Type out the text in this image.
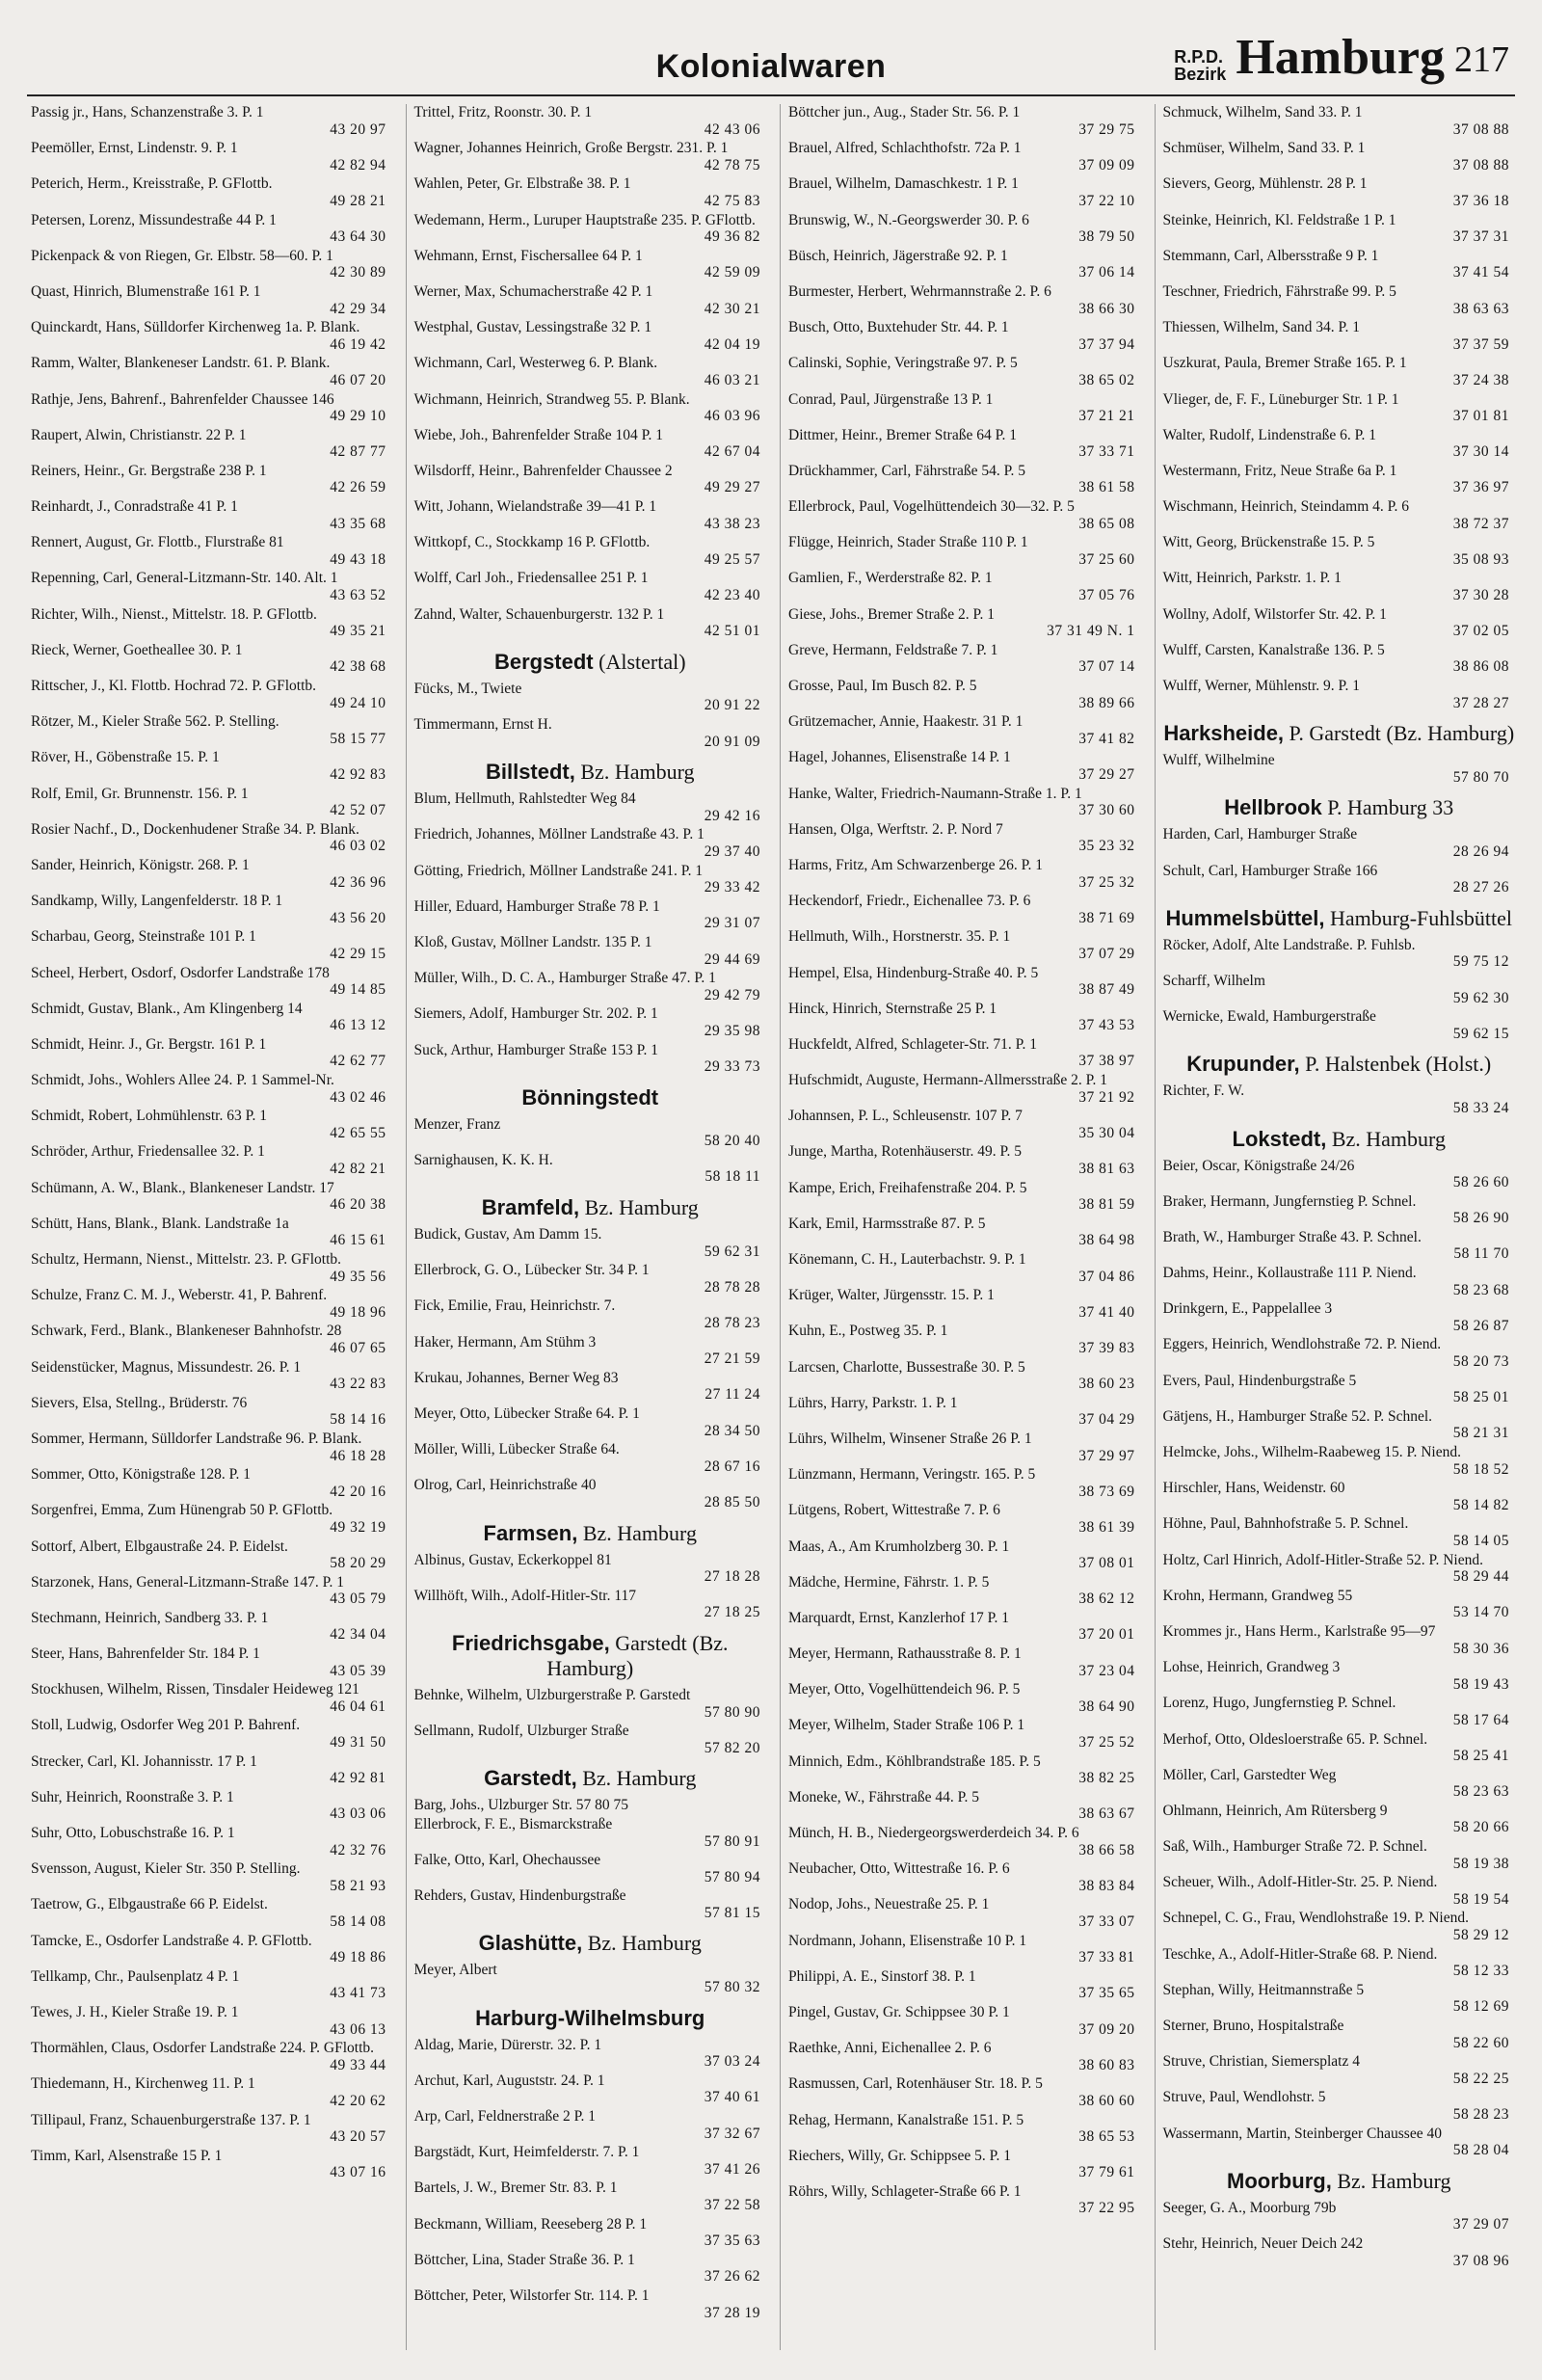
Kolonialwaren	R.P.D.
Bezirk Hamburg 217
Passig jr., Hans, Schanzenstraße 3. P. 1
43 20 97
Peemöller, Ernst, Lindenstr. 9. P. 1
42 82 94
Peterich, Herm., Kreisstraße, P. GFlottb.
49 28 21
Petersen, Lorenz, Missundestraße 44 P. 1
43 64 30
Pickenpack & von Riegen, Gr. Elbstr. 58—60. P. 1
42 30 89
Quast, Hinrich, Blumenstraße 161 P. 1
42 29 34
Quinckardt, Hans, Sülldorfer Kirchenweg 1a. P. Blank.
46 19 42
Ramm, Walter, Blankeneser Landstr. 61. P. Blank.
46 07 20
Rathje, Jens, Bahrenf., Bahrenfelder Chaussee 146
49 29 10
Raupert, Alwin, Christianstr. 22 P. 1
42 87 77
Reiners, Heinr., Gr. Bergstraße 238 P. 1
42 26 59
Reinhardt, J., Conradstraße 41 P. 1
43 35 68
Rennert, August, Gr. Flottb., Flurstraße 81
49 43 18
Repenning, Carl, General-Litzmann-Str. 140. Alt. 1
43 63 52
Richter, Wilh., Nienst., Mittelstr. 18. P. GFlottb.
49 35 21
Rieck, Werner, Goetheallee 30. P. 1
42 38 68
Rittscher, J., Kl. Flottb. Hochrad 72. P. GFlottb.
49 24 10
Rötzer, M., Kieler Straße 562. P. Stelling.
58 15 77
Röver, H., Göbenstraße 15. P. 1
42 92 83
Rolf, Emil, Gr. Brunnenstr. 156. P. 1
42 52 07
Rosier Nachf., D., Dockenhudener Straße 34. P. Blank.
46 03 02
Sander, Heinrich, Königstr. 268. P. 1
42 36 96
Sandkamp, Willy, Langenfelderstr. 18 P. 1
43 56 20
Scharbau, Georg, Steinstraße 101 P. 1
42 29 15
Scheel, Herbert, Osdorf, Osdorfer Landstraße 178
49 14 85
Schmidt, Gustav, Blank., Am Klingenberg 14
46 13 12
Schmidt, Heinr. J., Gr. Bergstr. 161 P. 1
42 62 77
Schmidt, Johs., Wohlers Allee 24. P. 1 Sammel-Nr.
43 02 46
Schmidt, Robert, Lohmühlenstr. 63 P. 1
42 65 55
Schröder, Arthur, Friedensallee 32. P. 1
42 82 21
Schümann, A. W., Blank., Blankeneser Landstr. 17
46 20 38
Schütt, Hans, Blank., Blank. Landstraße 1a
46 15 61
Schultz, Hermann, Nienst., Mittelstr. 23. P. GFlottb.
49 35 56
Schulze, Franz C. M. J., Weberstr. 41, P. Bahrenf.
49 18 96
Schwark, Ferd., Blank., Blankeneser Bahnhofstr. 28
46 07 65
Seidenstücker, Magnus, Missundestr. 26. P. 1
43 22 83
Sievers, Elsa, Stellng., Brüderstr. 76
58 14 16
Sommer, Hermann, Sülldorfer Landstraße 96. P. Blank.
46 18 28
Sommer, Otto, Königstraße 128. P. 1
42 20 16
Sorgenfrei, Emma, Zum Hünengrab 50 P. GFlottb.
49 32 19
Sottorf, Albert, Elbgaustraße 24. P. Eidelst.
58 20 29
Starzonek, Hans, General-Litzmann-Straße 147. P. 1
43 05 79
Stechmann, Heinrich, Sandberg 33. P. 1
42 34 04
Steer, Hans, Bahrenfelder Str. 184 P. 1
43 05 39
Stockhusen, Wilhelm, Rissen, Tinsdaler Heideweg 121
46 04 61
Stoll, Ludwig, Osdorfer Weg 201 P. Bahrenf.
49 31 50
Strecker, Carl, Kl. Johannisstr. 17 P. 1
42 92 81
Suhr, Heinrich, Roonstraße 3. P. 1
43 03 06
Suhr, Otto, Lobuschstraße 16. P. 1
42 32 76
Svensson, August, Kieler Str. 350 P. Stelling.
58 21 93
Taetrow, G., Elbgaustraße 66 P. Eidelst.
58 14 08
Tamcke, E., Osdorfer Landstraße 4. P. GFlottb.
49 18 86
Tellkamp, Chr., Paulsenplatz 4 P. 1
43 41 73
Tewes, J. H., Kieler Straße 19. P. 1
43 06 13
Thormählen, Claus, Osdorfer Landstraße 224. P. GFlottb.
49 33 44
Thiedemann, H., Kirchenweg 11. P. 1
42 20 62
Tillipaul, Franz, Schauenburgerstraße 137. P. 1
43 20 57
Timm, Karl, Alsenstraße 15 P. 1
43 07 16
Trittel, Fritz, Roonstr. 30. P. 1
42 43 06
Wagner, Johannes Heinrich, Große Bergstr. 231. P. 1
42 78 75
Wahlen, Peter, Gr. Elbstraße 38. P. 1
42 75 83
Wedemann, Herm., Luruper Hauptstraße 235. P. GFlottb.
49 36 82
Wehmann, Ernst, Fischersallee 64 P. 1
42 59 09
Werner, Max, Schumacherstraße 42 P. 1
42 30 21
Westphal, Gustav, Lessingstraße 32 P. 1
42 04 19
Wichmann, Carl, Westerweg 6. P. Blank.
46 03 21
Wichmann, Heinrich, Strandweg 55. P. Blank.
46 03 96
Wiebe, Joh., Bahrenfelder Straße 104 P. 1
42 67 04
Wilsdorff, Heinr., Bahrenfelder Chaussee 2
49 29 27
Witt, Johann, Wielandstraße 39—41 P. 1
43 38 23
Wittkopf, C., Stockkamp 16 P. GFlottb.
49 25 57
Wolff, Carl Joh., Friedensallee 251 P. 1
42 23 40
Zahnd, Walter, Schauenburgerstr. 132 P. 1
42 51 01
Bergstedt (Alstertal)
Fücks, M., Twiete
20 91 22
Timmermann, Ernst H.
20 91 09
Billstedt, Bz. Hamburg
Blum, Hellmuth, Rahlstedter Weg 84
29 42 16
Friedrich, Johannes, Möllner Landstraße 43. P. 1
29 37 40
Götting, Friedrich, Möllner Landstraße 241. P. 1
29 33 42
Hiller, Eduard, Hamburger Straße 78 P. 1
29 31 07
Kloß, Gustav, Möllner Landstr. 135 P. 1
29 44 69
Müller, Wilh., D. C. A., Hamburger Straße 47. P. 1
29 42 79
Siemers, Adolf, Hamburger Str. 202. P. 1
29 35 98
Suck, Arthur, Hamburger Straße 153 P. 1
29 33 73
Bönningstedt
Menzer, Franz
58 20 40
Sarnighausen, K. K. H.
58 18 11
Bramfeld, Bz. Hamburg
Budick, Gustav, Am Damm 15.
59 62 31
Ellerbrock, G. O., Lübecker Str. 34 P. 1
28 78 28
Fick, Emilie, Frau, Heinrichstr. 7.
28 78 23
Haker, Hermann, Am Stühm 3
27 21 59
Krukau, Johannes, Berner Weg 83
27 11 24
Meyer, Otto, Lübecker Straße 64. P. 1
28 34 50
Möller, Willi, Lübecker Straße 64.
28 67 16
Olrog, Carl, Heinrichstraße 40
28 85 50
Farmsen, Bz. Hamburg
Albinus, Gustav, Eckerkoppel 81
27 18 28
Willhöft, Wilh., Adolf-Hitler-Str. 117
27 18 25
Friedrichsgabe, Garstedt (Bz. Hamburg)
Behnke, Wilhelm, Ulzburgerstraße P. Garstedt
57 80 90
Sellmann, Rudolf, Ulzburger Straße
57 82 20
Garstedt, Bz. Hamburg
Barg, Johs., Ulzburger Str. 57 80 75
Ellerbrock, F. E., Bismarckstraße
57 80 91
Falke, Otto, Karl, Ohechaussee
57 80 94
Rehders, Gustav, Hindenburgstraße
57 81 15
Glashütte, Bz. Hamburg
Meyer, Albert
57 80 32
Harburg-Wilhelmsburg
Aldag, Marie, Dürerstr. 32. P. 1
37 03 24
Archut, Karl, Auguststr. 24. P. 1
37 40 61
Arp, Carl, Feldnerstraße 2 P. 1
37 32 67
Bargstädt, Kurt, Heimfelderstr. 7. P. 1
37 41 26
Bartels, J. W., Bremer Str. 83. P. 1
37 22 58
Beckmann, William, Reeseberg 28 P. 1
37 35 63
Böttcher, Lina, Stader Straße 36. P. 1
37 26 62
Böttcher, Peter, Wilstorfer Str. 114. P. 1
37 28 19
Böttcher jun., Aug., Stader Str. 56. P. 1
37 29 75
Brauel, Alfred, Schlachthofstr. 72a P. 1
37 09 09
Brauel, Wilhelm, Damaschkestr. 1 P. 1
37 22 10
Brunswig, W., N.-Georgswerder 30. P. 6
38 79 50
Büsch, Heinrich, Jägerstraße 92. P. 1
37 06 14
Burmester, Herbert, Wehrmannstraße 2. P. 6
38 66 30
Busch, Otto, Buxtehuder Str. 44. P. 1
37 37 94
Calinski, Sophie, Veringstraße 97. P. 5
38 65 02
Conrad, Paul, Jürgenstraße 13 P. 1
37 21 21
Dittmer, Heinr., Bremer Straße 64 P. 1
37 33 71
Drückhammer, Carl, Fährstraße 54. P. 5
38 61 58
Ellerbrock, Paul, Vogelhüttendeich 30—32. P. 5
38 65 08
Flügge, Heinrich, Stader Straße 110 P. 1
37 25 60
Gamlien, F., Werderstraße 82. P. 1
37 05 76
Giese, Johs., Bremer Straße 2. P. 1
37 31 49 N. 1
Greve, Hermann, Feldstraße 7. P. 1
37 07 14
Grosse, Paul, Im Busch 82. P. 5
38 89 66
Grützemacher, Annie, Haakestr. 31 P. 1
37 41 82
Hagel, Johannes, Elisenstraße 14 P. 1
37 29 27
Hanke, Walter, Friedrich-Naumann-Straße 1. P. 1
37 30 60
Hansen, Olga, Werftstr. 2. P. Nord 7
35 23 32
Harms, Fritz, Am Schwarzenberge 26. P. 1
37 25 32
Heckendorf, Friedr., Eichenallee 73. P. 6
38 71 69
Hellmuth, Wilh., Horstnerstr. 35. P. 1
37 07 29
Hempel, Elsa, Hindenburg-Straße 40. P. 5
38 87 49
Hinck, Hinrich, Sternstraße 25 P. 1
37 43 53
Huckfeldt, Alfred, Schlageter-Str. 71. P. 1
37 38 97
Hufschmidt, Auguste, Hermann-Allmersstraße 2. P. 1
37 21 92
Johannsen, P. L., Schleusenstr. 107 P. 7
35 30 04
Junge, Martha, Rotenhäuserstr. 49. P. 5
38 81 63
Kampe, Erich, Freihafenstraße 204. P. 5
38 81 59
Kark, Emil, Harmsstraße 87. P. 5
38 64 98
Könemann, C. H., Lauterbachstr. 9. P. 1
37 04 86
Krüger, Walter, Jürgensstr. 15. P. 1
37 41 40
Kuhn, E., Postweg 35. P. 1
37 39 83
Larcsen, Charlotte, Bussestraße 30. P. 5
38 60 23
Lührs, Harry, Parkstr. 1. P. 1
37 04 29
Lührs, Wilhelm, Winsener Straße 26 P. 1
37 29 97
Lünzmann, Hermann, Veringstr. 165. P. 5
38 73 69
Lütgens, Robert, Wittestraße 7. P. 6
38 61 39
Maas, A., Am Krumholzberg 30. P. 1
37 08 01
Mädche, Hermine, Fährstr. 1. P. 5
38 62 12
Marquardt, Ernst, Kanzlerhof 17 P. 1
37 20 01
Meyer, Hermann, Rathausstraße 8. P. 1
37 23 04
Meyer, Otto, Vogelhüttendeich 96. P. 5
38 64 90
Meyer, Wilhelm, Stader Straße 106 P. 1
37 25 52
Minnich, Edm., Köhlbrandstraße 185. P. 5
38 82 25
Moneke, W., Fährstraße 44. P. 5
38 63 67
Münch, H. B., Niedergeorgswerderdeich 34. P. 6
38 66 58
Neubacher, Otto, Wittestraße 16. P. 6
38 83 84
Nodop, Johs., Neuestraße 25. P. 1
37 33 07
Nordmann, Johann, Elisenstraße 10 P. 1
37 33 81
Philippi, A. E., Sinstorf 38. P. 1
37 35 65
Pingel, Gustav, Gr. Schippsee 30 P. 1
37 09 20
Raethke, Anni, Eichenallee 2. P. 6
38 60 83
Rasmussen, Carl, Rotenhäuser Str. 18. P. 5
38 60 60
Rehag, Hermann, Kanalstraße 151. P. 5
38 65 53
Riechers, Willy, Gr. Schippsee 5. P. 1
37 79 61
Röhrs, Willy, Schlageter-Straße 66 P. 1
37 22 95
Schmuck, Wilhelm, Sand 33. P. 1
37 08 88
Schmüser, Wilhelm, Sand 33. P. 1
37 08 88
Sievers, Georg, Mühlenstr. 28 P. 1
37 36 18
Steinke, Heinrich, Kl. Feldstraße 1 P. 1
37 37 31
Stemmann, Carl, Albersstraße 9 P. 1
37 41 54
Teschner, Friedrich, Fährstraße 99. P. 5
38 63 63
Thiessen, Wilhelm, Sand 34. P. 1
37 37 59
Uszkurat, Paula, Bremer Straße 165. P. 1
37 24 38
Vlieger, de, F. F., Lüneburger Str. 1 P. 1
37 01 81
Walter, Rudolf, Lindenstraße 6. P. 1
37 30 14
Westermann, Fritz, Neue Straße 6a P. 1
37 36 97
Wischmann, Heinrich, Steindamm 4. P. 6
38 72 37
Witt, Georg, Brückenstraße 15. P. 5
35 08 93
Witt, Heinrich, Parkstr. 1. P. 1
37 30 28
Wollny, Adolf, Wilstorfer Str. 42. P. 1
37 02 05
Wulff, Carsten, Kanalstraße 136. P. 5
38 86 08
Wulff, Werner, Mühlenstr. 9. P. 1
37 28 27
Harksheide, P. Garstedt (Bz. Hamburg)
Wulff, Wilhelmine
57 80 70
Hellbrook P. Hamburg 33
Harden, Carl, Hamburger Straße
28 26 94
Schult, Carl, Hamburger Straße 166
28 27 26
Hummelsbüttel, Hamburg-Fuhlsbüttel
Röcker, Adolf, Alte Landstraße. P. Fuhlsb.
59 75 12
Scharff, Wilhelm
59 62 30
Wernicke, Ewald, Hamburgerstraße
59 62 15
Krupunder, P. Halstenbek (Holst.)
Richter, F. W.
58 33 24
Lokstedt, Bz. Hamburg
Beier, Oscar, Königstraße 24/26
58 26 60
Braker, Hermann, Jungfernstieg P. Schnel.
58 26 90
Brath, W., Hamburger Straße 43. P. Schnel.
58 11 70
Dahms, Heinr., Kollaustraße 111 P. Niend.
58 23 68
Drinkgern, E., Pappelallee 3
58 26 87
Eggers, Heinrich, Wendlohstraße 72. P. Niend.
58 20 73
Evers, Paul, Hindenburgstraße 5
58 25 01
Gätjens, H., Hamburger Straße 52. P. Schnel.
58 21 31
Helmcke, Johs., Wilhelm-Raabeweg 15. P. Niend.
58 18 52
Hirschler, Hans, Weidenstr. 60
58 14 82
Höhne, Paul, Bahnhofstraße 5. P. Schnel.
58 14 05
Holtz, Carl Hinrich, Adolf-Hitler-Straße 52. P. Niend.
58 29 44
Krohn, Hermann, Grandweg 55
53 14 70
Krommes jr., Hans Herm., Karlstraße 95—97
58 30 36
Lohse, Heinrich, Grandweg 3
58 19 43
Lorenz, Hugo, Jungfernstieg P. Schnel.
58 17 64
Merhof, Otto, Oldesloerstraße 65. P. Schnel.
58 25 41
Möller, Carl, Garstedter Weg
58 23 63
Ohlmann, Heinrich, Am Rütersberg 9
58 20 66
Saß, Wilh., Hamburger Straße 72. P. Schnel.
58 19 38
Scheuer, Wilh., Adolf-Hitler-Str. 25. P. Niend.
58 19 54
Schnepel, C. G., Frau, Wendlohstraße 19. P. Niend.
58 29 12
Teschke, A., Adolf-Hitler-Straße 68. P. Niend.
58 12 33
Stephan, Willy, Heitmannstraße 5
58 12 69
Sterner, Bruno, Hospitalstraße
58 22 60
Struve, Christian, Siemersplatz 4
58 22 25
Struve, Paul, Wendlohstr. 5
58 28 23
Wassermann, Martin, Steinberger Chaussee 40
58 28 04
Moorburg, Bz. Hamburg
Seeger, G. A., Moorburg 79b
37 29 07
Stehr, Heinrich, Neuer Deich 242
37 08 96
